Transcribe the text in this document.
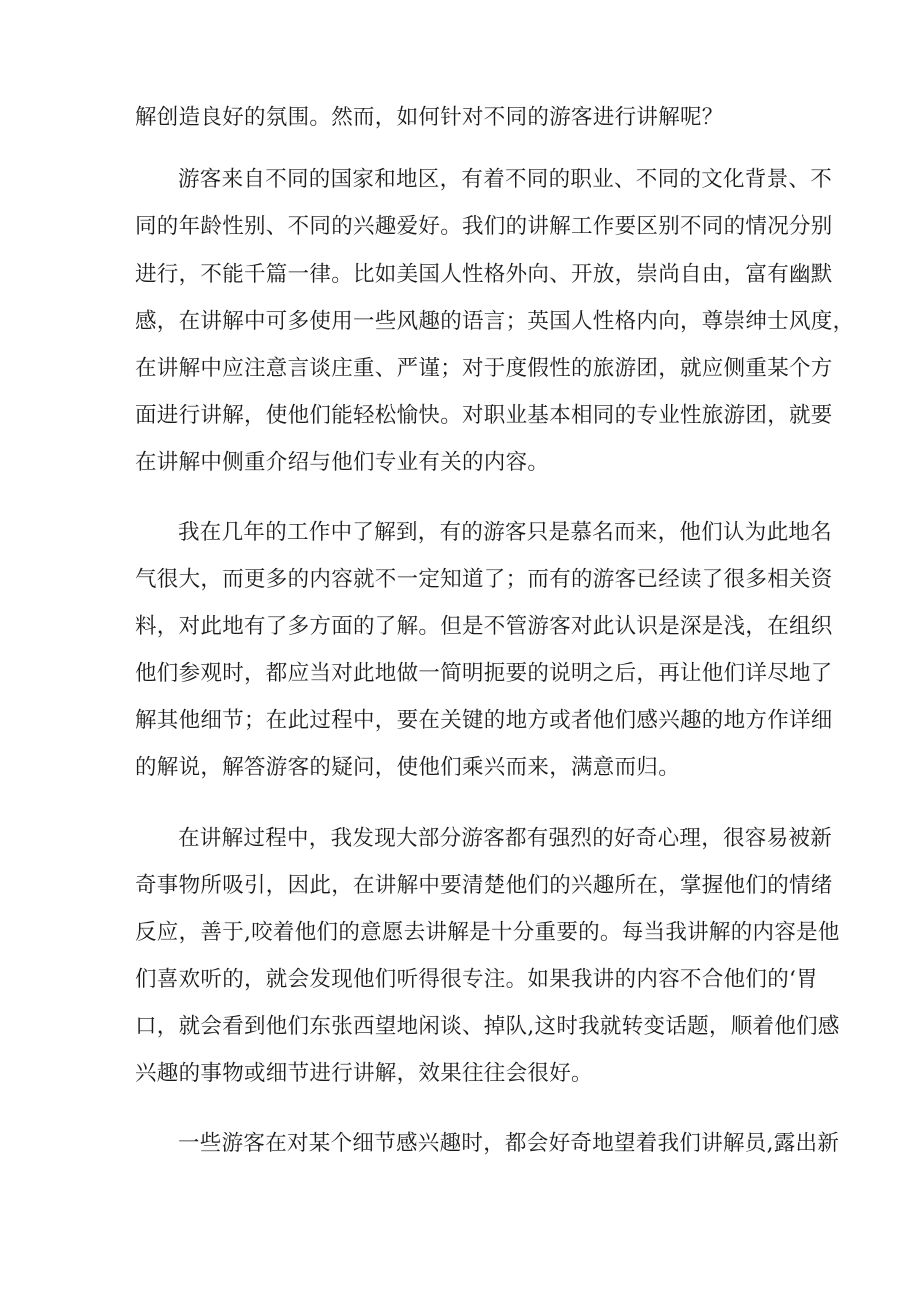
解创造良好的氛围。然而，如何针对不同的游客进行讲解呢？
游客来自不同的国家和地区，有着不同的职业、不同的文化背景、不
同的年龄性别、不同的兴趣爱好。我们的讲解工作要区别不同的情况分别
进行，不能千篇一律。比如美国人性格外向、开放，崇尚自由，富有幽默
感，在讲解中可多使用一些风趣的语言；英国人性格内向，尊崇绅士风度，
在讲解中应注意言谈庄重、严谨；对于度假性的旅游团，就应侧重某个方
面进行讲解，使他们能轻松愉快。对职业基本相同的专业性旅游团，就要
在讲解中侧重介绍与他们专业有关的内容。
我在几年的工作中了解到，有的游客只是慕名而来，他们认为此地名
气很大，而更多的内容就不一定知道了；而有的游客已经读了很多相关资
料，对此地有了多方面的了解。但是不管游客对此认识是深是浅，在组织
他们参观时，都应当对此地做一简明扼要的说明之后，再让他们详尽地了
解其他细节；在此过程中，要在关键的地方或者他们感兴趣的地方作详细
的解说，解答游客的疑问，使他们乘兴而来，满意而归。
在讲解过程中，我发现大部分游客都有强烈的好奇心理，很容易被新
奇事物所吸引，因此，在讲解中要清楚他们的兴趣所在，掌握他们的情绪
反应，善于,咬着他们的意愿去讲解是十分重要的。每当我讲解的内容是他
们喜欢听的，就会发现他们听得很专注。如果我讲的内容不合他们的‘胃
口，就会看到他们东张西望地闲谈、掉队,这时我就转变话题，顺着他们感
兴趣的事物或细节进行讲解，效果往往会很好。
一些游客在对某个细节感兴趣时，都会好奇地望着我们讲解员,露出新
